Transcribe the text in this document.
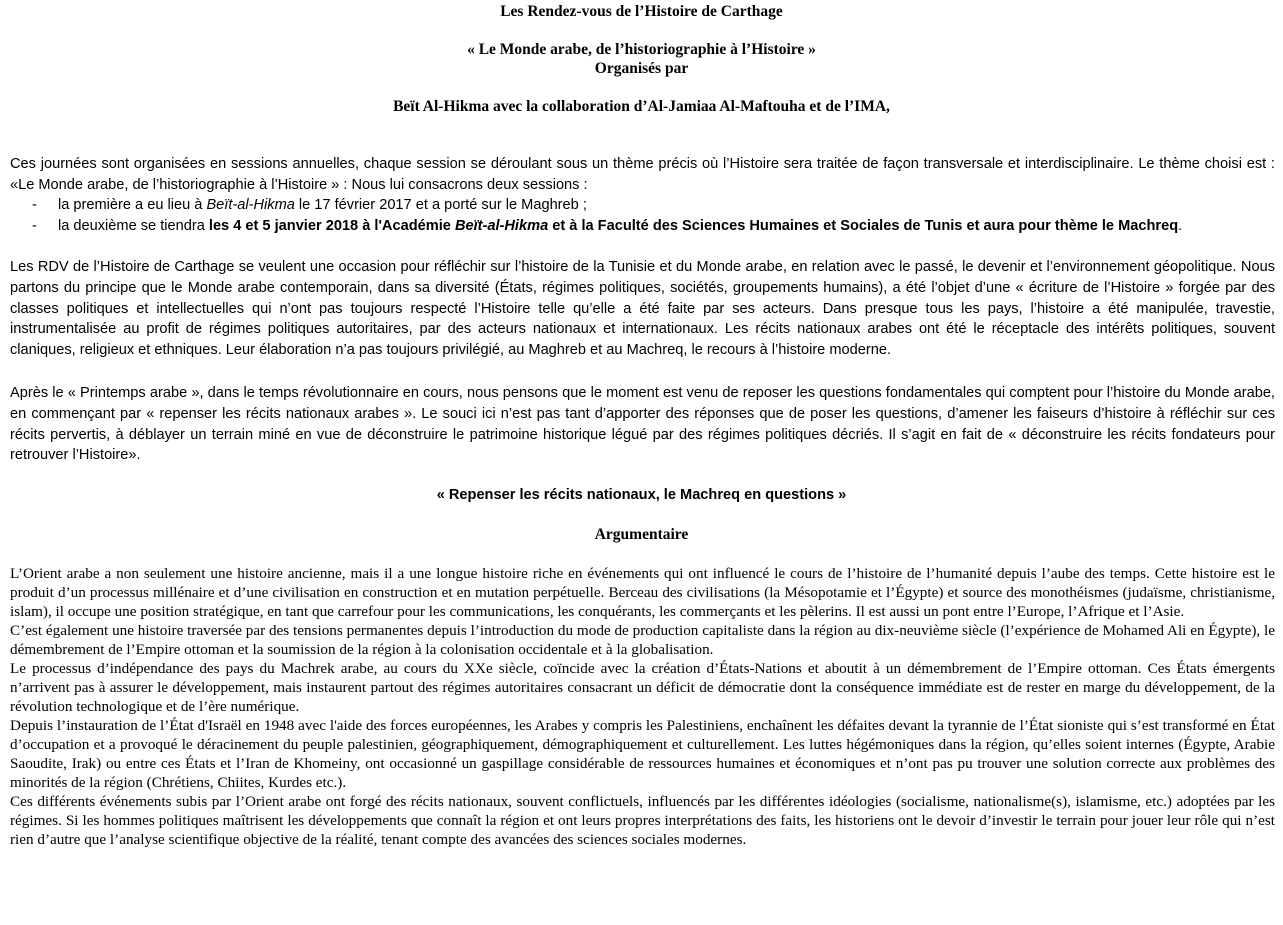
Les Rendez-vous de l’Histoire de Carthage
« Le Monde arabe, de l’historiographie à l’Histoire »
Organisés par
Beït Al-Hikma avec la collaboration d’Al-Jamiaa Al-Maftouha et de l’IMA,
Ces journées sont organisées en sessions annuelles, chaque session se déroulant sous un thème précis où l’Histoire sera traitée de façon transversale et interdisciplinaire. Le thème choisi est : «Le Monde arabe, de l’historiographie à l’Histoire » : Nous lui consacrons deux sessions :
- la première a eu lieu à Beït-al-Hikma le 17 février 2017 et a porté sur le Maghreb ;
- la deuxième se tiendra les 4 et 5 janvier 2018 à l'Académie Beït-al-Hikma et à la Faculté des Sciences Humaines et Sociales de Tunis et aura pour thème le Machreq.
Les RDV de l’Histoire de Carthage se veulent une occasion pour réfléchir sur l’histoire de la Tunisie et du Monde arabe, en relation avec le passé, le devenir et l’environnement géopolitique. Nous partons du principe que le Monde arabe contemporain, dans sa diversité (États, régimes politiques, sociétés, groupements humains), a été l’objet d’une « écriture de l’Histoire » forgée par des classes politiques et intellectuelles qui n’ont pas toujours respecté l’Histoire telle qu’elle a été faite par ses acteurs. Dans presque tous les pays, l’histoire a été manipulée, travestie, instrumentalisée au profit de régimes politiques autoritaires, par des acteurs nationaux et internationaux. Les récits nationaux arabes ont été le réceptacle des intérêts politiques, souvent claniques, religieux et ethniques. Leur élaboration n’a pas toujours privilégié, au Maghreb et au Machreq, le recours à l’histoire moderne.
Après le « Printemps arabe », dans le temps révolutionnaire en cours, nous pensons que le moment est venu de reposer les questions fondamentales qui comptent pour l’histoire du Monde arabe, en commençant par « repenser les récits nationaux arabes ». Le souci ici n’est pas tant d’apporter des réponses que de poser les questions, d’amener les faiseurs d’histoire à réfléchir sur ces récits pervertis, à déblayer un terrain miné en vue de déconstruire le patrimoine historique légué par des régimes politiques décriés. Il s’agit en fait de « déconstruire les récits fondateurs pour retrouver l’Histoire».
« Repenser les récits nationaux, le Machreq en questions »
Argumentaire
L’Orient arabe a non seulement une histoire ancienne, mais il a une longue histoire riche en événements qui ont influencé le cours de l’histoire de l’humanité depuis l’aube des temps. Cette histoire est le produit d’un processus millénaire et d’une civilisation en construction et en mutation perpétuelle. Berceau des civilisations (la Mésopotamie et l’Égypte) et source des monothéismes (judaïsme, christianisme, islam), il occupe une position stratégique, en tant que carrefour pour les communications, les conquérants, les commerçants et les pèlerins. Il est aussi un pont entre l’Europe, l’Afrique et l’Asie.
C’est également une histoire traversée par des tensions permanentes depuis l’introduction du mode de production capitaliste dans la région au dix-neuvième siècle (l’expérience de Mohamed Ali en Égypte), le démembrement de l’Empire ottoman et la soumission de la région à la colonisation occidentale et à la globalisation.
Le processus d’indépendance des pays du Machrek arabe, au cours du XXe siècle, coïncide avec la création d’États-Nations et aboutit à un démembrement de l’Empire ottoman. Ces États émergents n’arrivent pas à assurer le développement, mais instaurent partout des régimes autoritaires consacrant un déficit de démocratie dont la conséquence immédiate est de rester en marge du développement, de la révolution technologique et de l’ère numérique.
Depuis l’instauration de l’État d'Israël en 1948 avec l'aide des forces européennes, les Arabes y compris les Palestiniens, enchaînent les défaites devant la tyrannie de l’État sioniste qui s’est transformé en État d’occupation et a provoqué le déracinement du peuple palestinien, géographiquement, démographiquement et culturellement. Les luttes hégémoniques dans la région, qu’elles soient internes (Égypte, Arabie Saoudite, Irak) ou entre ces États et l’Iran de Khomeiny, ont occasionné un gaspillage considérable de ressources humaines et économiques et n’ont pas pu trouver une solution correcte aux problèmes des minorités de la région (Chrétiens, Chiites, Kurdes etc.).
Ces différents événements subis par l’Orient arabe ont forgé des récits nationaux, souvent conflictuels, influencés par les différentes idéologies (socialisme, nationalisme(s), islamisme, etc.) adoptées par les régimes. Si les hommes politiques maîtrisent les développements que connaît la région et ont leurs propres interprétations des faits, les historiens ont le devoir d’investir le terrain pour jouer leur rôle qui n’est rien d’autre que l’analyse scientifique objective de la réalité, tenant compte des avancées des sciences sociales modernes.
